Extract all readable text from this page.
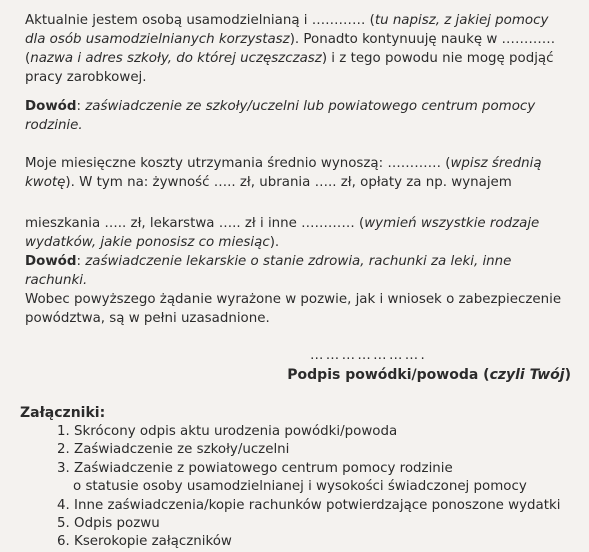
Aktualnie jestem osobą usamodzielnianą i ………… (tu napisz, z jakiej pomocy dla osób usamodzielnianych korzystasz). Ponadto kontynuuję naukę w ………… (nazwa i adres szkoły, do której uczęszczasz) i z tego powodu nie mogę podjąć pracy zarobkowej.
Dowód: zaświadczenie ze szkoły/uczelni lub powiatowego centrum pomocy rodzinie.
Moje miesięczne koszty utrzymania średnio wynoszą: ………… (wpisz średnią kwotę). W tym na: żywność ….. zł, ubrania ….. zł, opłaty za np. wynajem
mieszkania ….. zł, lekarstwa ….. zł i inne ………… (wymień wszystkie rodzaje wydatków, jakie ponosisz co miesiąc).
Dowód: zaświadczenie lekarskie o stanie zdrowia, rachunki za leki, inne rachunki.
Wobec powyższego żądanie wyrażone w pozwie, jak i wniosek o zabezpieczenie powództwa, są w pełni uzasadnione.
………………….
Podpis powódki/powoda (czyli Twój)
Załączniki:
1. Skrócony odpis aktu urodzenia powódki/powoda
2. Zaświadczenie ze szkoły/uczelni
3. Zaświadczenie z powiatowego centrum pomocy rodzinie
o statusie osoby usamodzielnianej i wysokości świadczonej pomocy
4. Inne zaświadczenia/kopie rachunków potwierdzające ponoszone wydatki
5. Odpis pozwu
6. Kserokopie załączników
